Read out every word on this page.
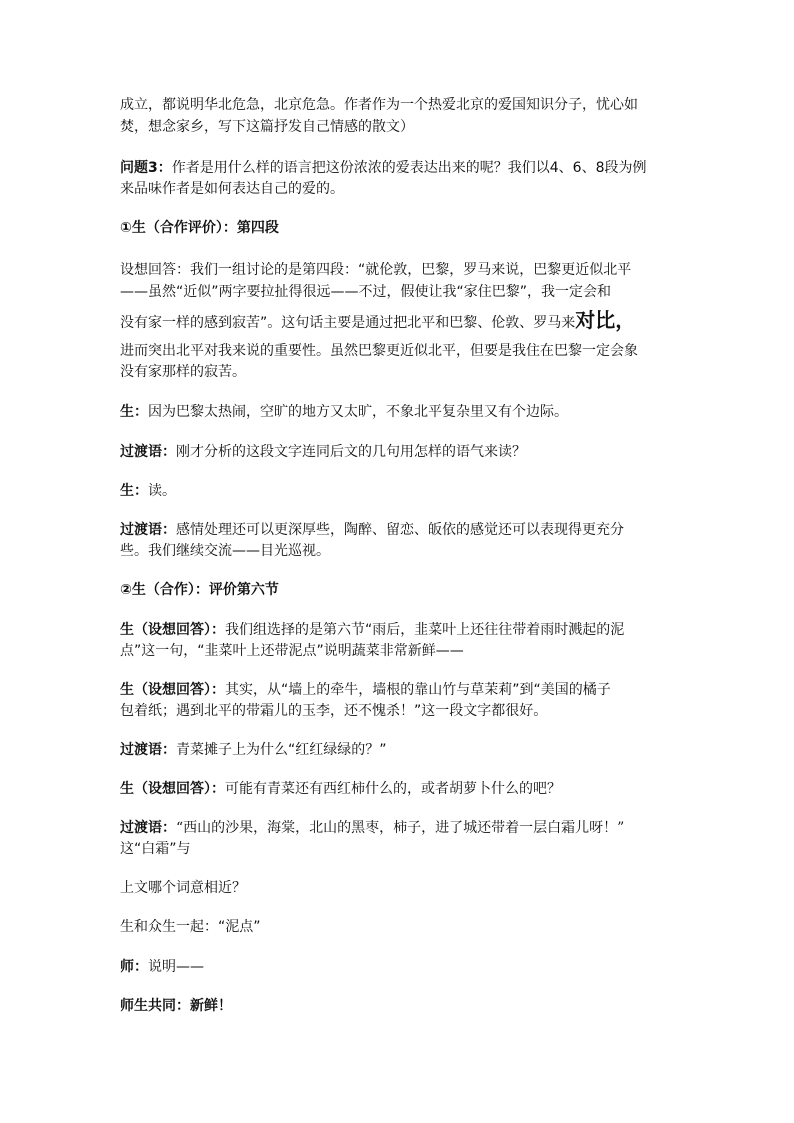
成立，都说明华北危急，北京危急。作者作为一个热爱北京的爱国知识分子，忧心如
焚，想念家乡，写下这篇抒发自己情感的散文）
问题3：作者是用什么样的语言把这份浓浓的爱表达出来的呢？我们以4、6、8段为例
来品味作者是如何表达自己的爱的。
①生（合作评价）：第四段
设想回答：我们一组讨论的是第四段：“就伦敦，巴黎，罗马来说，巴黎更近似北平
——虽然“近似”两字要拉扯得很远——不过，假使让我“家住巴黎”，我一定会和
没有家一样的感到寂苦”。这句话主要是通过把北平和巴黎、伦敦、罗马来对比，
进而突出北平对我来说的重要性。虽然巴黎更近似北平，但要是我住在巴黎一定会象
没有家那样的寂苦。
生：因为巴黎太热闹，空旷的地方又太旷，不象北平复杂里又有个边际。
过渡语：刚才分析的这段文字连同后文的几句用怎样的语气来读？
生：读。
过渡语：感情处理还可以更深厚些，陶醉、留恋、皈依的感觉还可以表现得更充分
些。我们继续交流——目光巡视。
②生（合作）：评价第六节
生（设想回答）：我们组选择的是第六节“雨后，韭菜叶上还往往带着雨时溅起的泥
点”这一句，“韭菜叶上还带泥点”说明蔬菜非常新鲜——
生（设想回答）：其实，从“墙上的牵牛，墙根的靠山竹与草茉莉”到“美国的橘子
包着纸；遇到北平的带霜儿的玉李，还不愧杀！”这一段文字都很好。
过渡语：青菜摊子上为什么“红红绿绿的？”
生（设想回答）：可能有青菜还有西红柿什么的，或者胡萝卜什么的吧？
过渡语：“西山的沙果，海棠，北山的黑枣，柿子，进了城还带着一层白霜儿呀！”
这“白霜”与
上文哪个词意相近？
生和众生一起：“泥点”
师：说明——
师生共同：新鲜！
